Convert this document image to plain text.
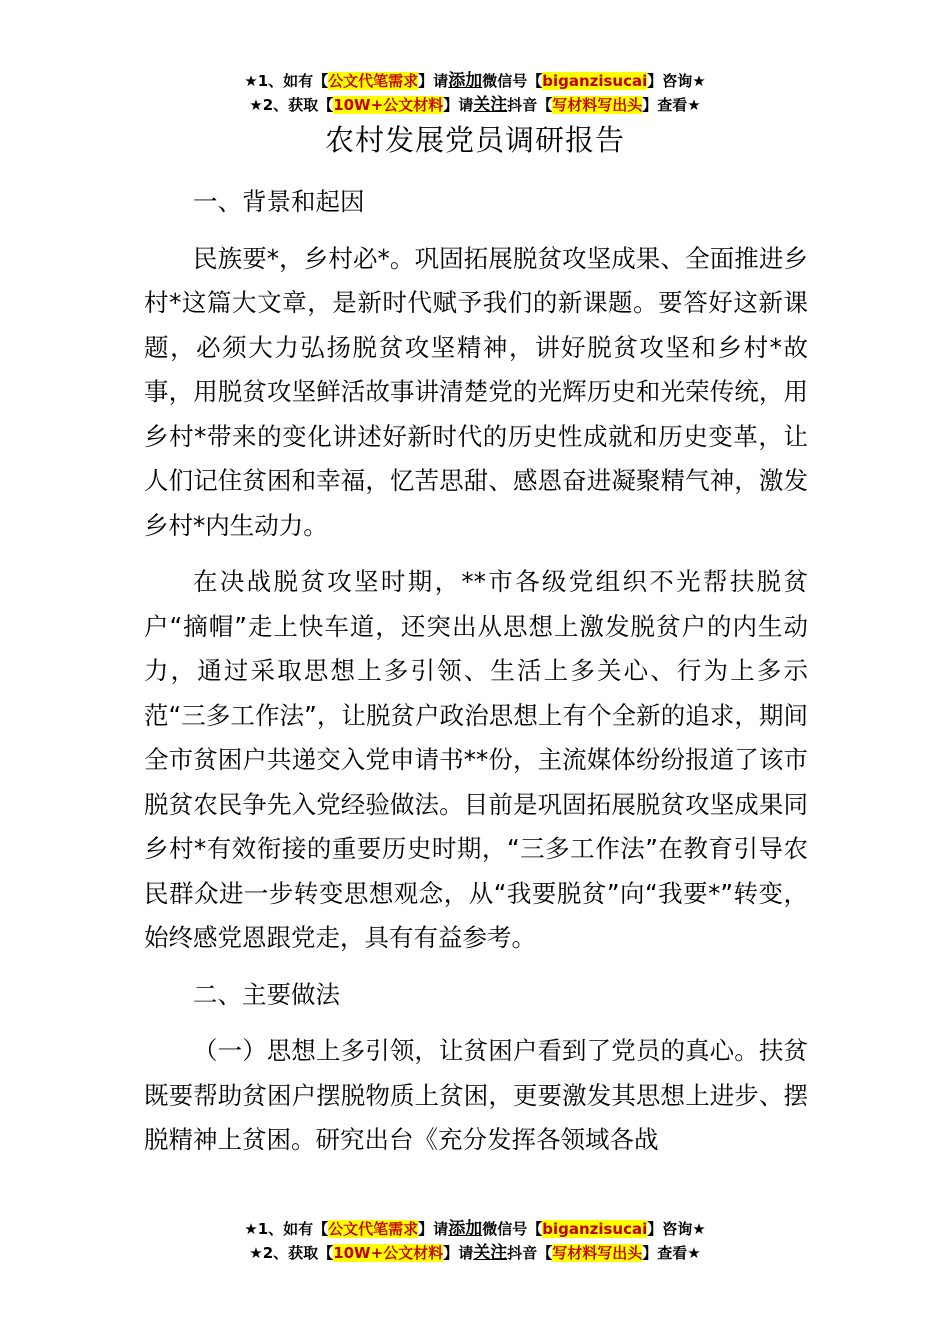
★1、如有【公文代笔需求】请添加微信号【biganzisucai】咨询★
★2、获取【10W+公文材料】请关注抖音【写材料写出头】查看★
农村发展党员调研报告

一、背景和起因

民族要*，乡村必*。巩固拓展脱贫攻坚成果、全面推进乡村*这篇大文章，是新时代赋予我们的新课题。要答好这新课题，必须大力弘扬脱贫攻坚精神，讲好脱贫攻坚和乡村*故事，用脱贫攻坚鲜活故事讲清楚党的光辉历史和光荣传统，用乡村*带来的变化讲述好新时代的历史性成就和历史变革，让人们记住贫困和幸福，忆苦思甜、感恩奋进凝聚精气神，激发乡村*内生动力。

在决战脱贫攻坚时期，**市各级党组织不光帮扶脱贫户“摘帽”走上快车道，还突出从思想上激发脱贫户的内生动力，通过采取思想上多引领、生活上多关心、行为上多示范“三多工作法”，让脱贫户政治思想上有个全新的追求，期间全市贫困户共递交入党申请书**份，主流媒体纷纷报道了该市脱贫农民争先入党经验做法。目前是巩固拓展脱贫攻坚成果同乡村*有效衔接的重要历史时期，“三多工作法”在教育引导农民群众进一步转变思想观念，从“我要脱贫”向“我要*”转变，始终感党恩跟党走，具有有益参考。

二、主要做法

（一）思想上多引领，让贫困户看到了党员的真心。扶贫既要帮助贫困户摆脱物质上贫困，更要激发其思想上进步、摆脱精神上贫困。研究出台《充分发挥各领域各战

★1、如有【公文代笔需求】请添加微信号【biganzisucai】咨询★
★2、获取【10W+公文材料】请关注抖音【写材料写出头】查看★
